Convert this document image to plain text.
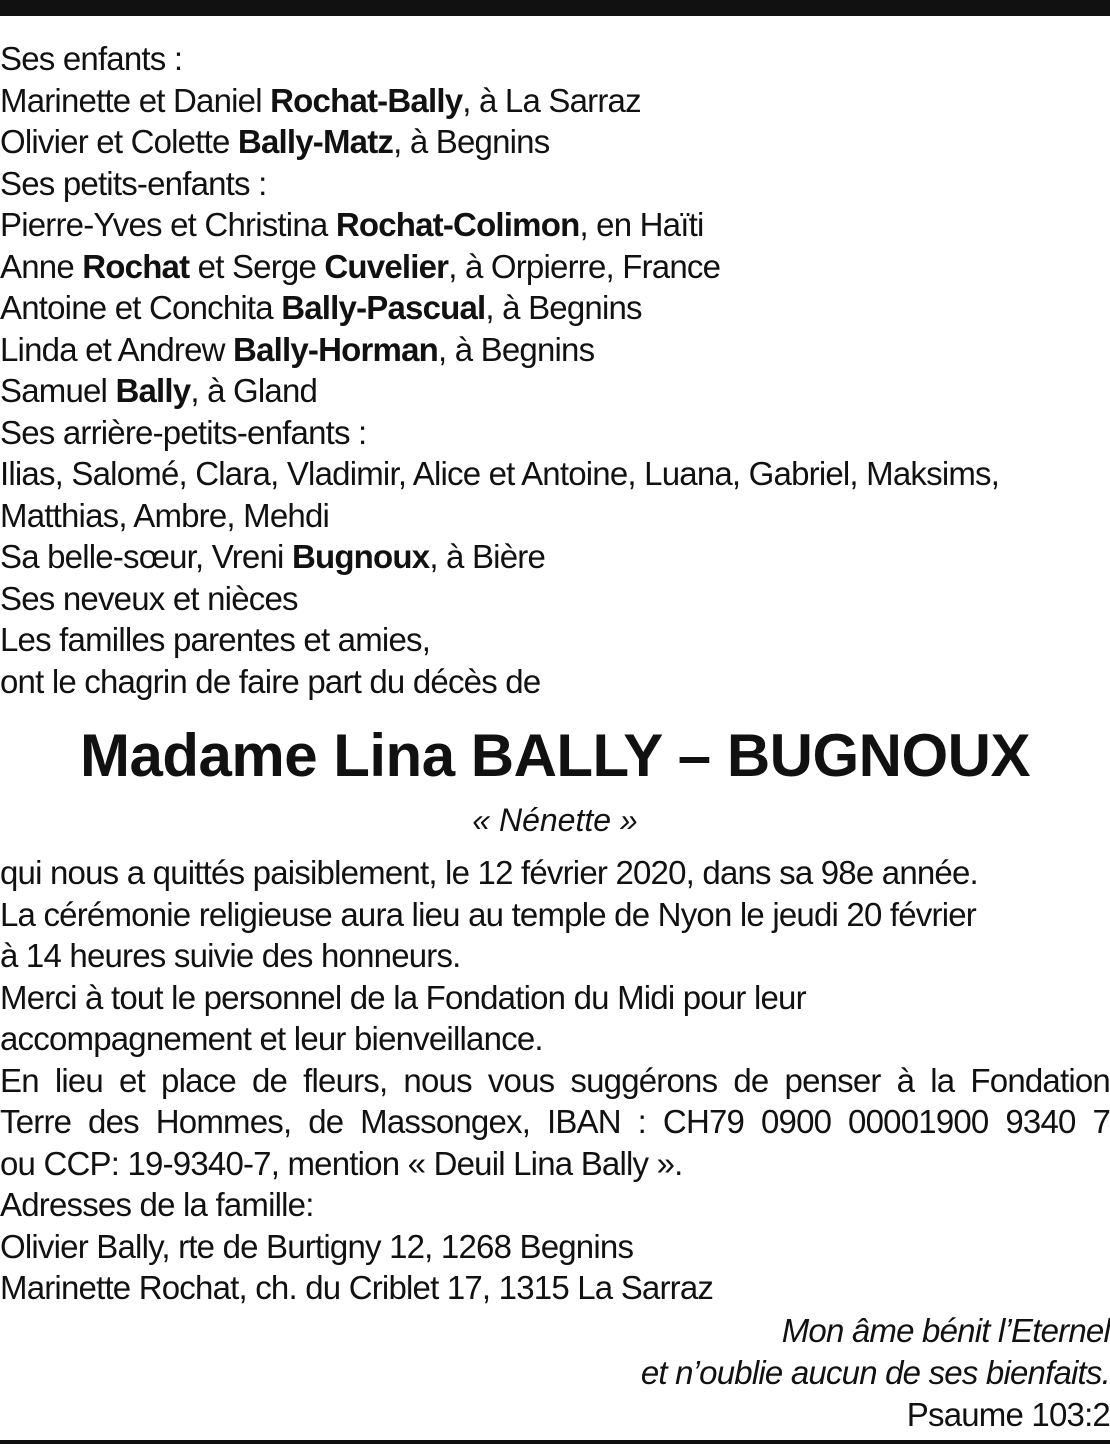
Ses enfants :
Marinette et Daniel Rochat-Bally, à La Sarraz
Olivier et Colette Bally-Matz, à Begnins
Ses petits-enfants :
Pierre-Yves et Christina Rochat-Colimon, en Haïti
Anne Rochat et Serge Cuvelier, à Orpierre, France
Antoine et Conchita Bally-Pascual, à Begnins
Linda et Andrew Bally-Horman, à Begnins
Samuel Bally, à Gland
Ses arrière-petits-enfants :
Ilias, Salomé, Clara, Vladimir, Alice et Antoine, Luana, Gabriel, Maksims,
Matthias, Ambre, Mehdi
Sa belle-sœur, Vreni Bugnoux, à Bière
Ses neveux et nièces
Les familles parentes et amies,
ont le chagrin de faire part du décès de
Madame Lina BALLY – BUGNOUX
« Nénette »
qui nous a quittés paisiblement, le 12 février 2020, dans sa 98e année.
La cérémonie religieuse aura lieu au temple de Nyon le jeudi 20 février
à 14 heures suivie des honneurs.
Merci à tout le personnel de la Fondation du Midi pour leur
accompagnement et leur bienveillance.
En lieu et place de fleurs, nous vous suggérons de penser à la Fondation
Terre des Hommes, de Massongex, IBAN : CH79 0900 00001900 9340 7
ou CCP: 19-9340-7, mention « Deuil Lina Bally ».
Adresses de la famille:
Olivier Bally, rte de Burtigny 12, 1268 Begnins
Marinette Rochat, ch. du Criblet 17, 1315 La Sarraz
Mon âme bénit l’Eternel
et n’oublie aucun de ses bienfaits.
Psaume 103:2
